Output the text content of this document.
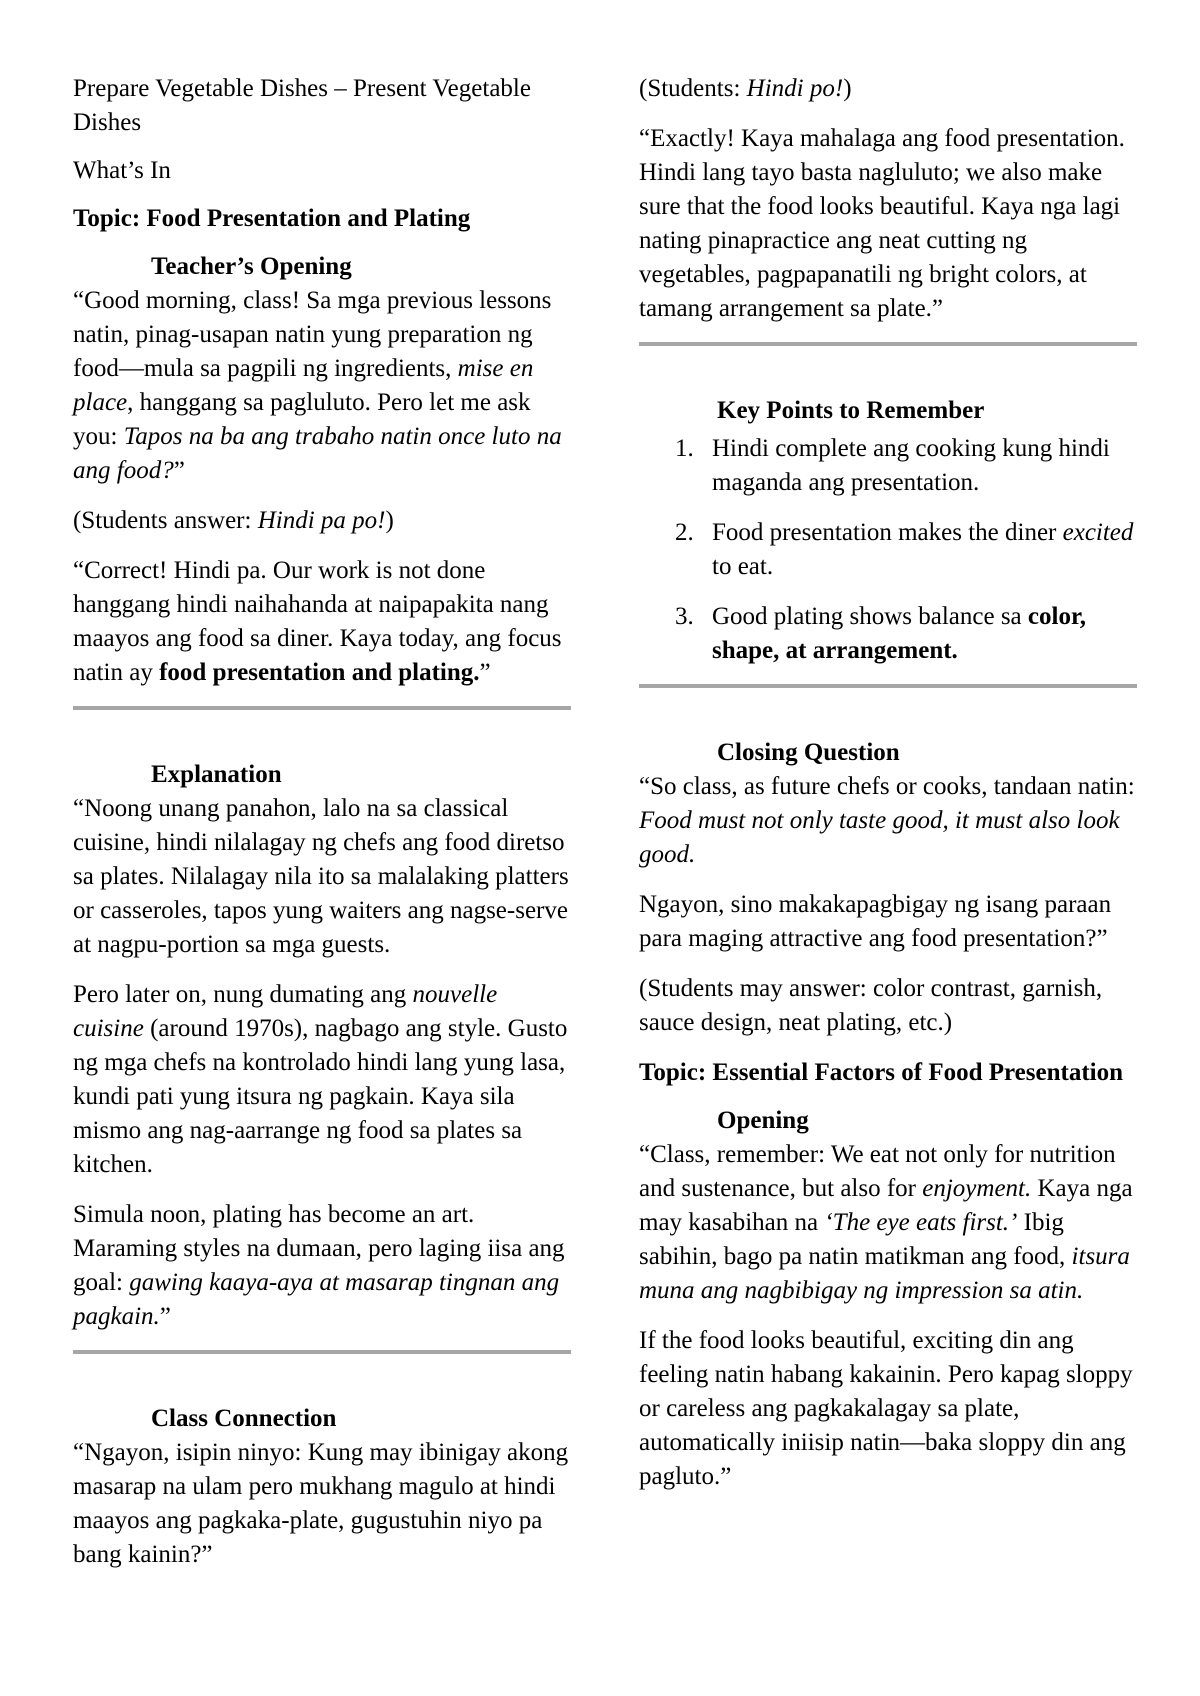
Prepare Vegetable Dishes – Present Vegetable Dishes

What’s In

Topic: Food Presentation and Plating

Teacher’s Opening

“Good morning, class! Sa mga previous lessons natin, pinag-usapan natin yung preparation ng food—mula sa pagpili ng ingredients, mise en place, hanggang sa pagluluto. Pero let me ask you: Tapos na ba ang trabaho natin once luto na ang food?”

(Students answer: Hindi pa po!)

“Correct! Hindi pa. Our work is not done hanggang hindi naihahanda at naipapakita nang maayos ang food sa diner. Kaya today, ang focus natin ay food presentation and plating.”

Explanation

“Noong unang panahon, lalo na sa classical cuisine, hindi nilalagay ng chefs ang food diretso sa plates. Nilalagay nila ito sa malalaking platters or casseroles, tapos yung waiters ang nagse-serve at nagpu-portion sa mga guests.

Pero later on, nung dumating ang nouvelle cuisine (around 1970s), nagbago ang style. Gusto ng mga chefs na kontrolado hindi lang yung lasa, kundi pati yung itsura ng pagkain. Kaya sila mismo ang nag-aarrange ng food sa plates sa kitchen.

Simula noon, plating has become an art. Maraming styles na dumaan, pero laging iisa ang goal: gawing kaaya-aya at masarap tingnan ang pagkain.”

Class Connection

“Ngayon, isipin ninyo: Kung may ibinigay akong masarap na ulam pero mukhang magulo at hindi maayos ang pagkaka-plate, gugustuhin niyo pa bang kainin?”

(Students: Hindi po!)

“Exactly! Kaya mahalaga ang food presentation. Hindi lang tayo basta nagluluto; we also make sure that the food looks beautiful. Kaya nga lagi nating pinapractice ang neat cutting ng vegetables, pagpapanatili ng bright colors, at tamang arrangement sa plate.”

Key Points to Remember
1. Hindi complete ang cooking kung hindi maganda ang presentation.
2. Food presentation makes the diner excited to eat.
3. Good plating shows balance sa color, shape, at arrangement.
Closing Question

“So class, as future chefs or cooks, tandaan natin: Food must not only taste good, it must also look good.

Ngayon, sino makakapagbigay ng isang paraan para maging attractive ang food presentation?”

(Students may answer: color contrast, garnish, sauce design, neat plating, etc.)

Topic: Essential Factors of Food Presentation

Opening

“Class, remember: We eat not only for nutrition and sustenance, but also for enjoyment. Kaya nga may kasabihan na ‘The eye eats first.’ Ibig sabihin, bago pa natin matikman ang food, itsura muna ang nagbibigay ng impression sa atin.

If the food looks beautiful, exciting din ang feeling natin habang kakainin. Pero kapag sloppy or careless ang pagkakalagay sa plate, automatically iniisip natin—baka sloppy din ang pagluto.”
